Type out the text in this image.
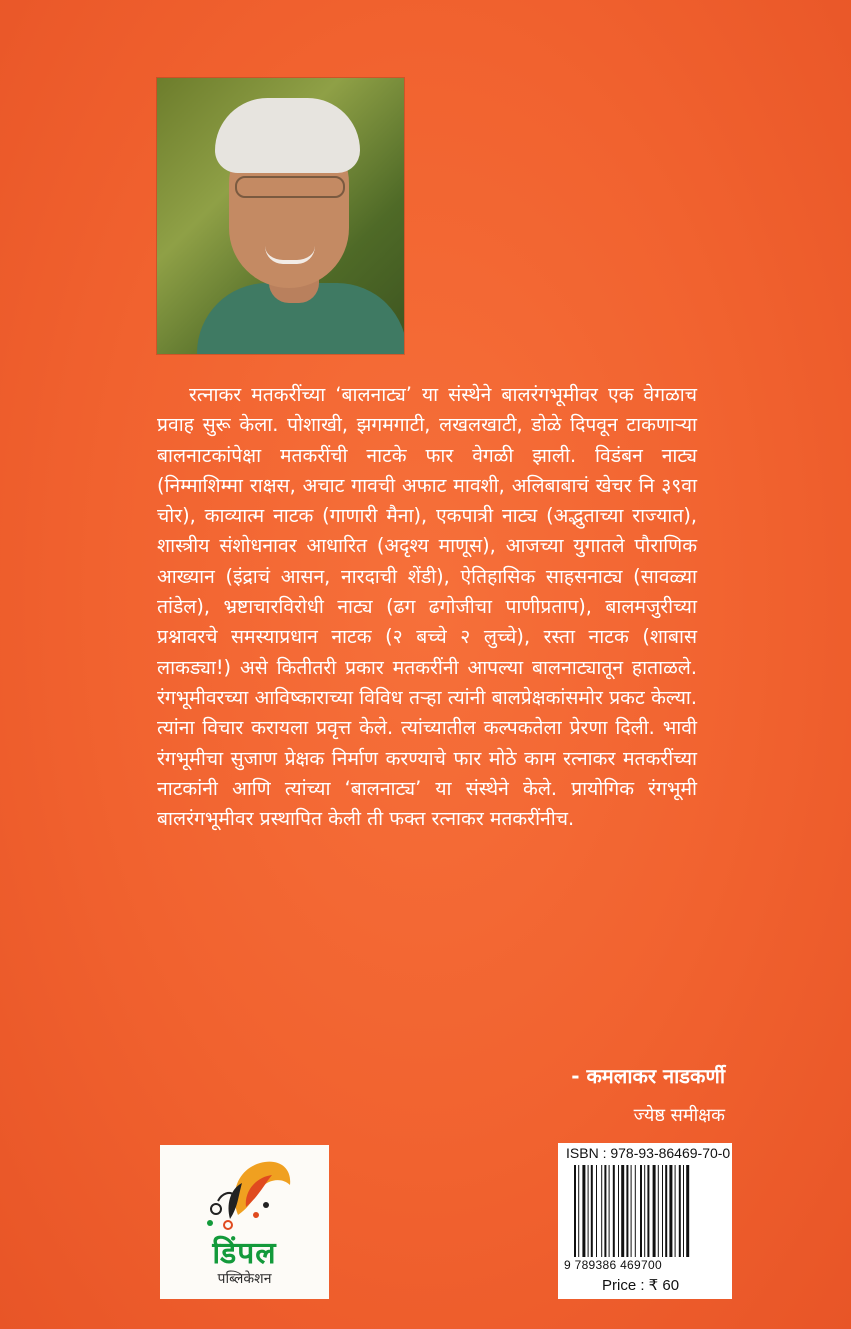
रत्नाकर मतकरींच्या ‘बालनाट्य’ या संस्थेने बालरंगभूमीवर एक वेगळाच प्रवाह सुरू केला. पोशाखी, झगमगाटी, लखलखाटी, डोळे दिपवून टाकणाऱ्या बालनाटकांपेक्षा मतकरींची नाटके फार वेगळी झाली. विडंबन नाट्य (निम्माशिम्मा राक्षस, अचाट गावची अफाट मावशी, अलिबाबाचं खेचर नि ३९वा चोर), काव्यात्म नाटक (गाणारी मैना), एकपात्री नाट्य (अद्भुताच्या राज्यात), शास्त्रीय संशोधनावर आधारित (अदृश्य माणूस), आजच्या युगातले पौराणिक आख्यान (इंद्राचं आसन, नारदाची शेंडी), ऐतिहासिक साहसनाट्य (सावळ्या तांडेल), भ्रष्टाचारविरोधी नाट्य (ढग ढगोजीचा पाणीप्रताप), बालमजुरीच्या प्रश्नावरचे समस्याप्रधान नाटक (२ बच्चे २ लुच्चे), रस्ता नाटक (शाबास लाकड्या!) असे कितीतरी प्रकार मतकरींनी आपल्या बालनाट्यातून हाताळले. रंगभूमीवरच्या आविष्काराच्या विविध तऱ्हा त्यांनी बालप्रेक्षकांसमोर प्रकट केल्या. त्यांना विचार करायला प्रवृत्त केले. त्यांच्यातील कल्पकतेला प्रेरणा दिली. भावी रंगभूमीचा सुजाण प्रेक्षक निर्माण करण्याचे फार मोठे काम रत्नाकर मतकरींच्या नाटकांनी आणि त्यांच्या ‘बालनाट्य’ या संस्थेने केले. प्रायोगिक रंगभूमी बालरंगभूमीवर प्रस्थापित केली ती फक्त रत्नाकर मतकरींनीच.

- कमलाकर नाडकर्णी
ज्येष्ठ समीक्षक
डिंपल
पब्लिकेशन
ISBN : 978-93-86469-70-0
9 789386 469700
Price : ₹ 60
